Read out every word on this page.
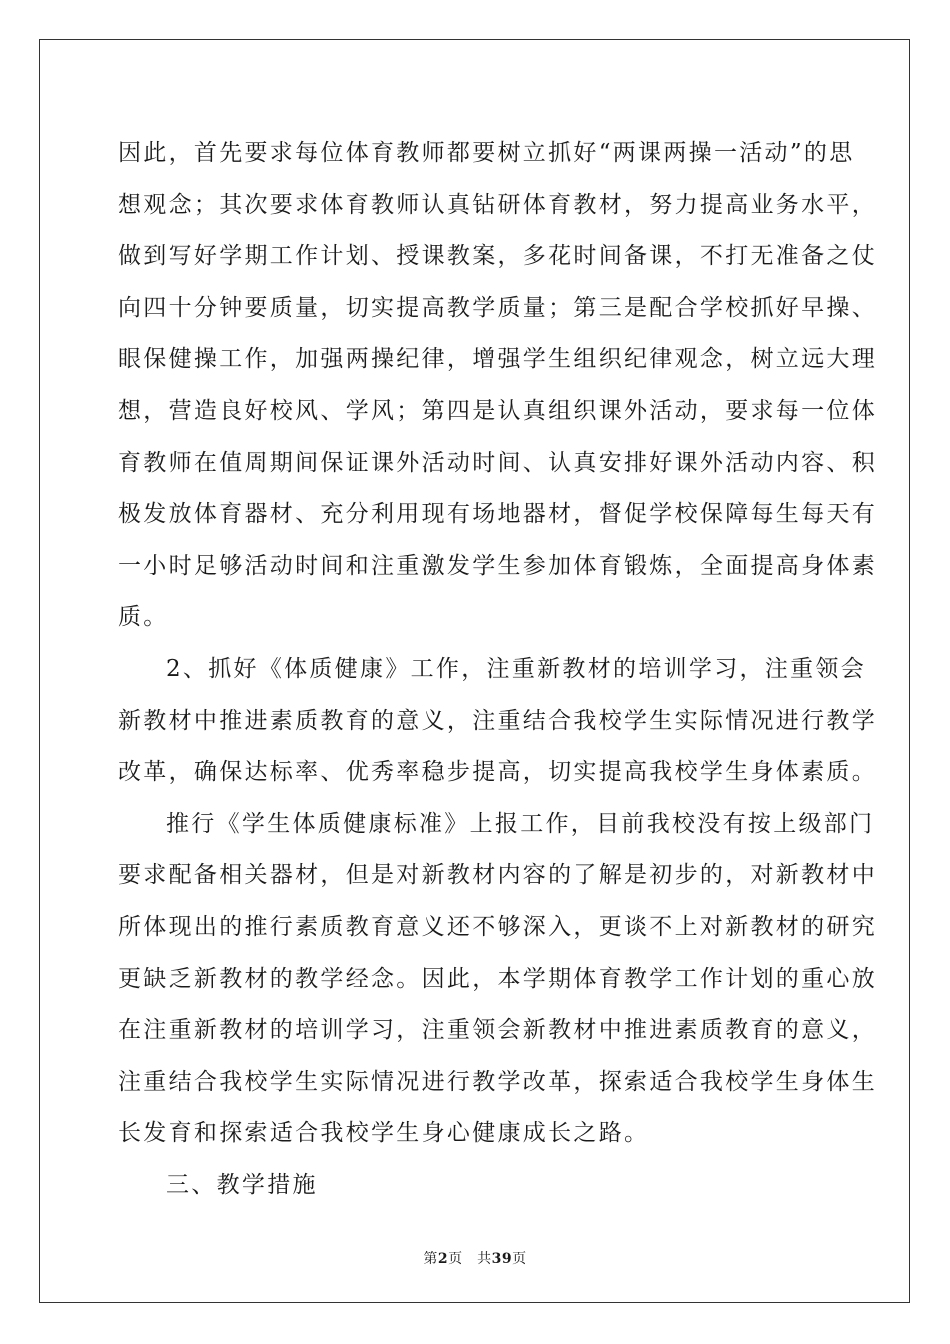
因此，首先要求每位体育教师都要树立抓好“两课两操一活动”的思
想观念；其次要求体育教师认真钻研体育教材，努力提高业务水平，
做到写好学期工作计划、授课教案，多花时间备课，不打无准备之仗
向四十分钟要质量，切实提高教学质量；第三是配合学校抓好早操、
眼保健操工作，加强两操纪律，增强学生组织纪律观念，树立远大理
想，营造良好校风、学风；第四是认真组织课外活动，要求每一位体
育教师在值周期间保证课外活动时间、认真安排好课外活动内容、积
极发放体育器材、充分利用现有场地器材，督促学校保障每生每天有
一小时足够活动时间和注重激发学生参加体育锻炼，全面提高身体素
质。
2、抓好《体质健康》工作，注重新教材的培训学习，注重领会
新教材中推进素质教育的意义，注重结合我校学生实际情况进行教学
改革，确保达标率、优秀率稳步提高，切实提高我校学生身体素质。
推行《学生体质健康标准》上报工作，目前我校没有按上级部门
要求配备相关器材，但是对新教材内容的了解是初步的，对新教材中
所体现出的推行素质教育意义还不够深入，更谈不上对新教材的研究
更缺乏新教材的教学经念。因此，本学期体育教学工作计划的重心放
在注重新教材的培训学习，注重领会新教材中推进素质教育的意义，
注重结合我校学生实际情况进行教学改革，探索适合我校学生身体生
长发育和探索适合我校学生身心健康成长之路。
三、教学措施
第2页　共39页
